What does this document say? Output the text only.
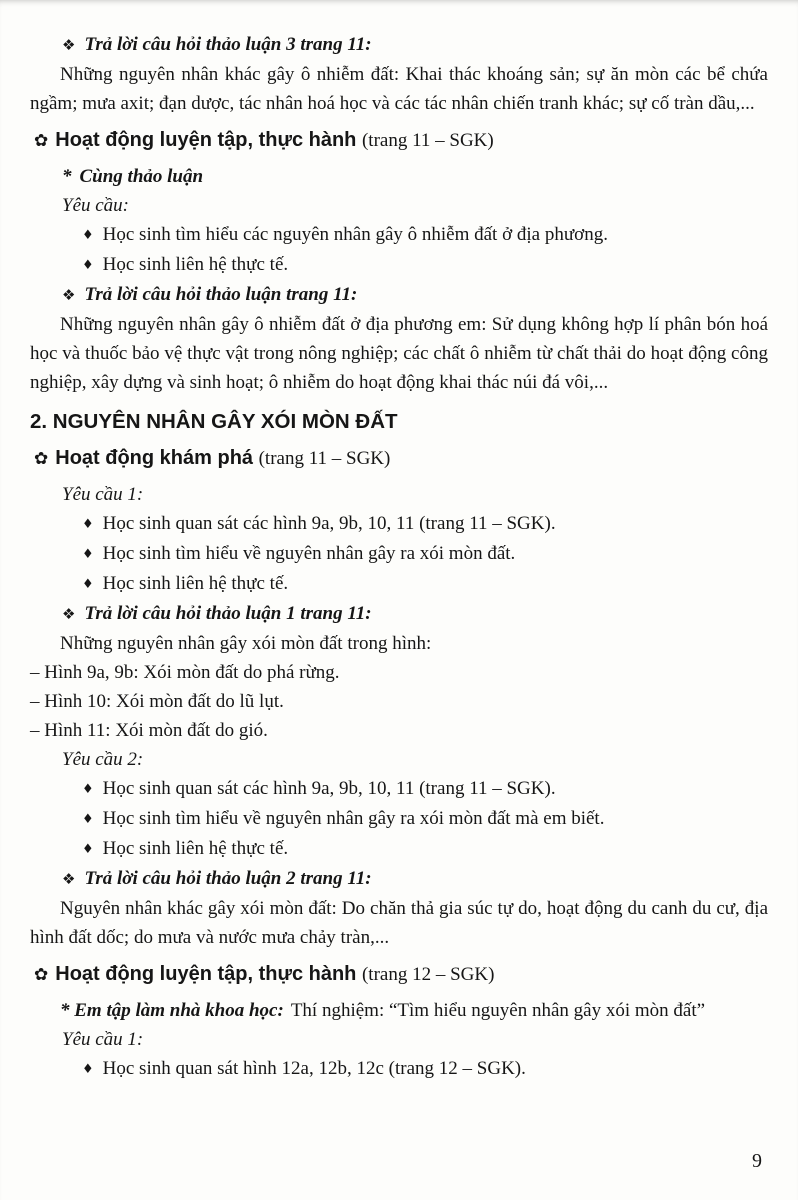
❖ Trả lời câu hỏi thảo luận 3 trang 11:

Những nguyên nhân khác gây ô nhiễm đất: Khai thác khoáng sản; sự ăn mòn các bể chứa ngầm; mưa axit; đạn dược, tác nhân hoá học và các tác nhân chiến tranh khác; sự cố tràn dầu,...

✿ Hoạt động luyện tập, thực hành (trang 11 – SGK)

* Cùng thảo luận

Yêu cầu:

♦ Học sinh tìm hiểu các nguyên nhân gây ô nhiễm đất ở địa phương.

♦ Học sinh liên hệ thực tế.

❖ Trả lời câu hỏi thảo luận trang 11:

Những nguyên nhân gây ô nhiễm đất ở địa phương em: Sử dụng không hợp lí phân bón hoá học và thuốc bảo vệ thực vật trong nông nghiệp; các chất ô nhiễm từ chất thải do hoạt động công nghiệp, xây dựng và sinh hoạt; ô nhiễm do hoạt động khai thác núi đá vôi,...

2. NGUYÊN NHÂN GÂY XÓI MÒN ĐẤT

✿ Hoạt động khám phá (trang 11 – SGK)

Yêu cầu 1:

♦ Học sinh quan sát các hình 9a, 9b, 10, 11 (trang 11 – SGK).

♦ Học sinh tìm hiểu về nguyên nhân gây ra xói mòn đất.

♦ Học sinh liên hệ thực tế.

❖ Trả lời câu hỏi thảo luận 1 trang 11:

Những nguyên nhân gây xói mòn đất trong hình:

– Hình 9a, 9b: Xói mòn đất do phá rừng.

– Hình 10: Xói mòn đất do lũ lụt.

– Hình 11: Xói mòn đất do gió.

Yêu cầu 2:

♦ Học sinh quan sát các hình 9a, 9b, 10, 11 (trang 11 – SGK).

♦ Học sinh tìm hiểu về nguyên nhân gây ra xói mòn đất mà em biết.

♦ Học sinh liên hệ thực tế.

❖ Trả lời câu hỏi thảo luận 2 trang 11:

Nguyên nhân khác gây xói mòn đất: Do chăn thả gia súc tự do, hoạt động du canh du cư, địa hình đất dốc; do mưa và nước mưa chảy tràn,...

✿ Hoạt động luyện tập, thực hành (trang 12 – SGK)

* Em tập làm nhà khoa học: Thí nghiệm: “Tìm hiểu nguyên nhân gây xói mòn đất”

Yêu cầu 1:

♦ Học sinh quan sát hình 12a, 12b, 12c (trang 12 – SGK).

9
